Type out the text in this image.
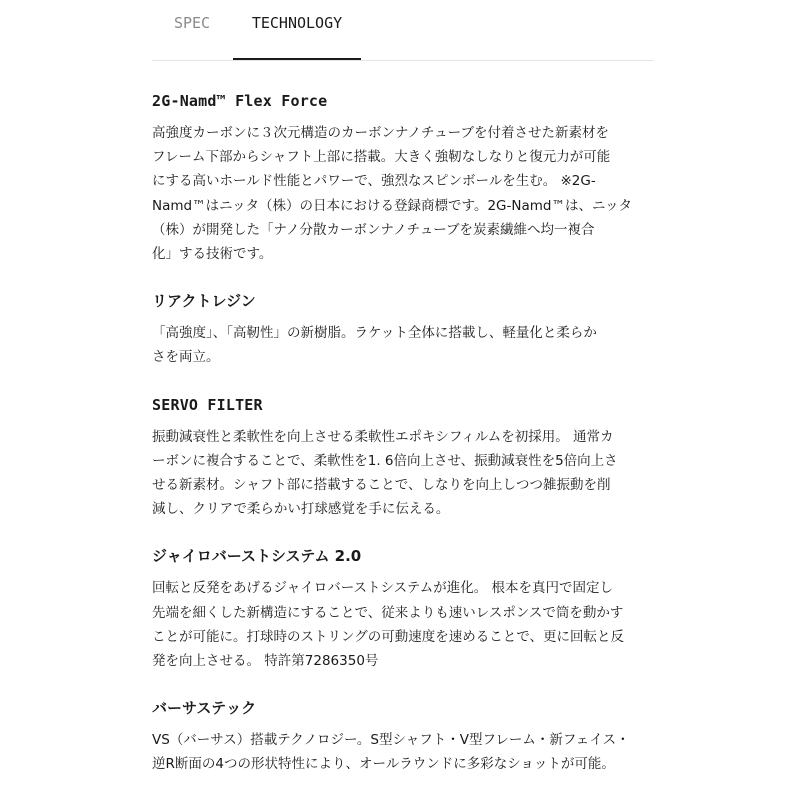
SPEC	TECHNOLOGY
2G-Namd™ Flex Force

高強度カーボンに３次元構造のカーボンナノチューブを付着させた新素材を
フレーム下部からシャフト上部に搭載。大きく強靭なしなりと復元力が可能
にする高いホールド性能とパワーで、強烈なスピンボールを生む。 ※2G-
Namd™はニッタ（株）の日本における登録商標です。2G-Namd™は、ニッタ
（株）が開発した「ナノ分散カーボンナノチューブを炭素繊維へ均一複合
化」する技術です。

リアクトレジン

「高強度」、「高靭性」の新樹脂。ラケット全体に搭載し、軽量化と柔らか
さを両立。

SERVO FILTER

振動減衰性と柔軟性を向上させる柔軟性エポキシフィルムを初採用。 通常カ
ーボンに複合することで、柔軟性を1. 6倍向上させ、振動減衰性を5倍向上さ
せる新素材。シャフト部に搭載することで、しなりを向上しつつ雑振動を削
減し、クリアで柔らかい打球感覚を手に伝える。

ジャイロバーストシステム 2.0

回転と反発をあげるジャイロバーストシステムが進化。 根本を真円で固定し
先端を細くした新構造にすることで、従来よりも速いレスポンスで筒を動かす
ことが可能に。打球時のストリングの可動速度を速めることで、更に回転と反
発を向上させる。 特許第7286350号

バーサステック

VS（バーサス）搭載テクノロジー。S型シャフト・V型フレーム・新フェイス・
逆R断面の4つの形状特性により、オールラウンドに多彩なショットが可能。
